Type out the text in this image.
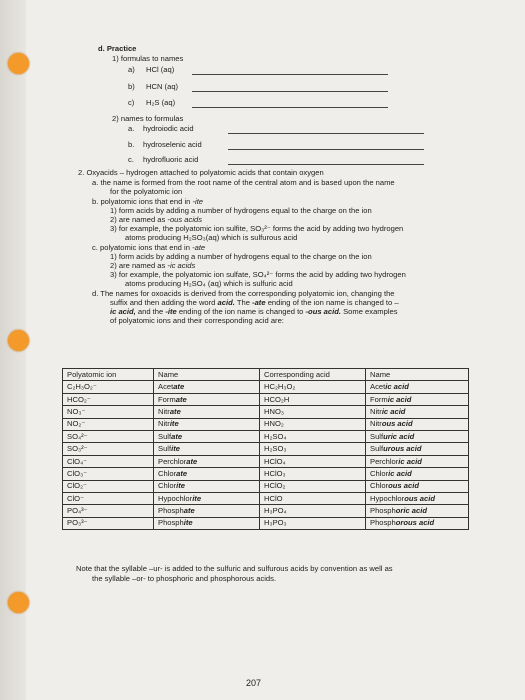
d. Practice
1) formulas to names
a) HCl (aq)
b) HCN (aq)
c) H₂S (aq)
2) names to formulas
a. hydroiodic acid
b. hydroselenic acid
c. hydrofluoric acid
2. Oxyacids – hydrogen attached to polyatomic acids that contain oxygen
a. the name is formed from the root name of the central atom and is based upon the name
for the polyatomic ion
b. polyatomic ions that end in -ite
1) form acids by adding a number of hydrogens equal to the charge on the ion
2) are named as -ous acids
3) for example, the polyatomic ion sulfite, SO₃²⁻ forms the acid by adding two hydrogen
atoms producing H₂SO₃(aq) which is sulfurous acid
c. polyatomic ions that end in -ate
1) form acids by adding a number of hydrogens equal to the charge on the ion
2) are named as -ic acids
3) for example, the polyatomic ion sulfate, SO₄²⁻ forms the acid by adding two hydrogen
atoms producing H₂SO₄ (aq) which is sulfuric acid
d. The names for oxoacids is derived from the corresponding polyatomic ion, changing the
suffix and then adding the word acid. The -ate ending of the ion name is changed to –
ic acid, and the -ite ending of the ion name is changed to -ous acid. Some examples
of polyatomic ions and their corresponding acid are:
Polyatomic ion	Name	Corresponding acid	Name
C₂H₃O₂⁻	Acetate	HC₂H₃O₂	Acetic acid
HCO₂⁻	Formate	HCO₂H	Formic acid
NO₃⁻	Nitrate	HNO₃	Nitric acid
NO₂⁻	Nitrite	HNO₂	Nitrous acid
SO₄²⁻	Sulfate	H₂SO₄	Sulfuric acid
SO₃²⁻	Sulfite	H₂SO₃	Sulfurous acid
ClO₄⁻	Perchlorate	HClO₄	Perchloric acid
ClO₃⁻	Chlorate	HClO₃	Chloric acid
ClO₂⁻	Chlorite	HClO₂	Chlorous acid
ClO⁻	Hypochlorite	HClO	Hypochlorous acid
PO₄³⁻	Phosphate	H₃PO₄	Phosphoric acid
PO₃³⁻	Phosphite	H₃PO₃	Phosphorous acid
Note that the syllable –ur- is added to the sulfuric and sulfurous acids by convention as well as
the syllable –or- to phosphoric and phosphorous acids.
207
